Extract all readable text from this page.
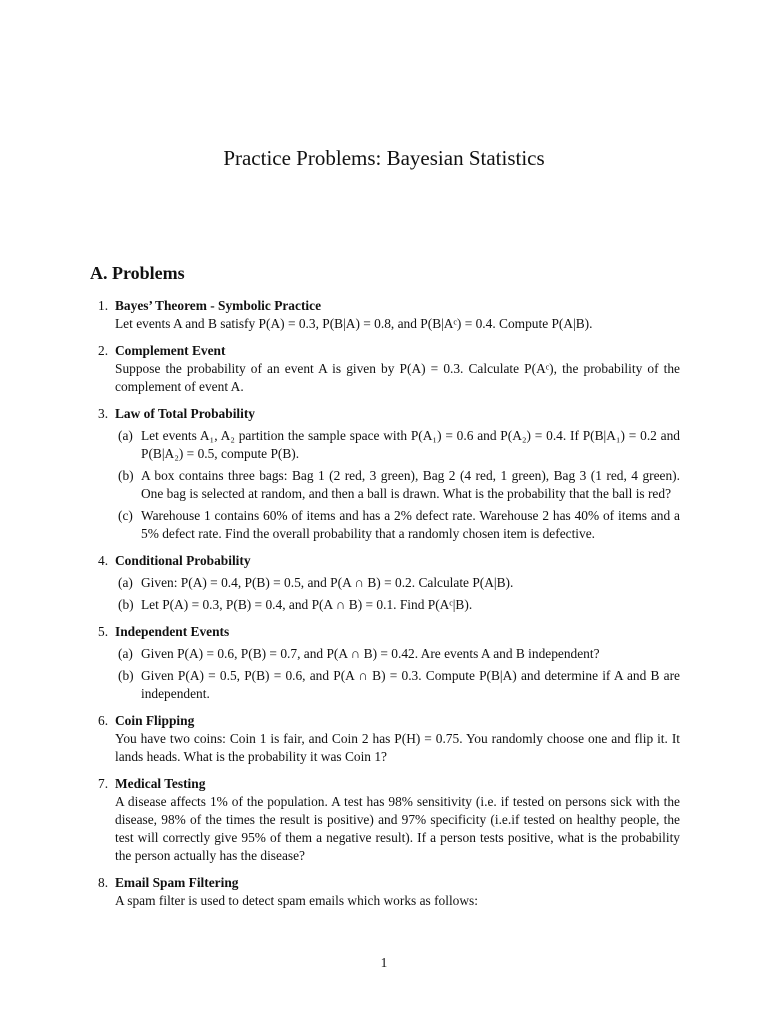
Practice Problems: Bayesian Statistics
A. Problems
1. Bayes’ Theorem - Symbolic Practice
Let events A and B satisfy P(A) = 0.3, P(B|A) = 0.8, and P(B|Aᶜ) = 0.4. Compute P(A|B).
2. Complement Event
Suppose the probability of an event A is given by P(A) = 0.3. Calculate P(Aᶜ), the probability of the complement of event A.
3. Law of Total Probability
(a) Let events A₁, A₂ partition the sample space with P(A₁) = 0.6 and P(A₂) = 0.4. If P(B|A₁) = 0.2 and P(B|A₂) = 0.5, compute P(B).
(b) A box contains three bags: Bag 1 (2 red, 3 green), Bag 2 (4 red, 1 green), Bag 3 (1 red, 4 green). One bag is selected at random, and then a ball is drawn. What is the probability that the ball is red?
(c) Warehouse 1 contains 60% of items and has a 2% defect rate. Warehouse 2 has 40% of items and a 5% defect rate. Find the overall probability that a randomly chosen item is defective.
4. Conditional Probability
(a) Given: P(A) = 0.4, P(B) = 0.5, and P(A ∩ B) = 0.2. Calculate P(A|B).
(b) Let P(A) = 0.3, P(B) = 0.4, and P(A ∩ B) = 0.1. Find P(Aᶜ|B).
5. Independent Events
(a) Given P(A) = 0.6, P(B) = 0.7, and P(A ∩ B) = 0.42. Are events A and B independent?
(b) Given P(A) = 0.5, P(B) = 0.6, and P(A ∩ B) = 0.3. Compute P(B|A) and determine if A and B are independent.
6. Coin Flipping
You have two coins: Coin 1 is fair, and Coin 2 has P(H) = 0.75. You randomly choose one and flip it. It lands heads. What is the probability it was Coin 1?
7. Medical Testing
A disease affects 1% of the population. A test has 98% sensitivity (i.e. if tested on persons sick with the disease, 98% of the times the result is positive) and 97% specificity (i.e.if tested on healthy people, the test will correctly give 95% of them a negative result). If a person tests positive, what is the probability the person actually has the disease?
8. Email Spam Filtering
A spam filter is used to detect spam emails which works as follows:
1
